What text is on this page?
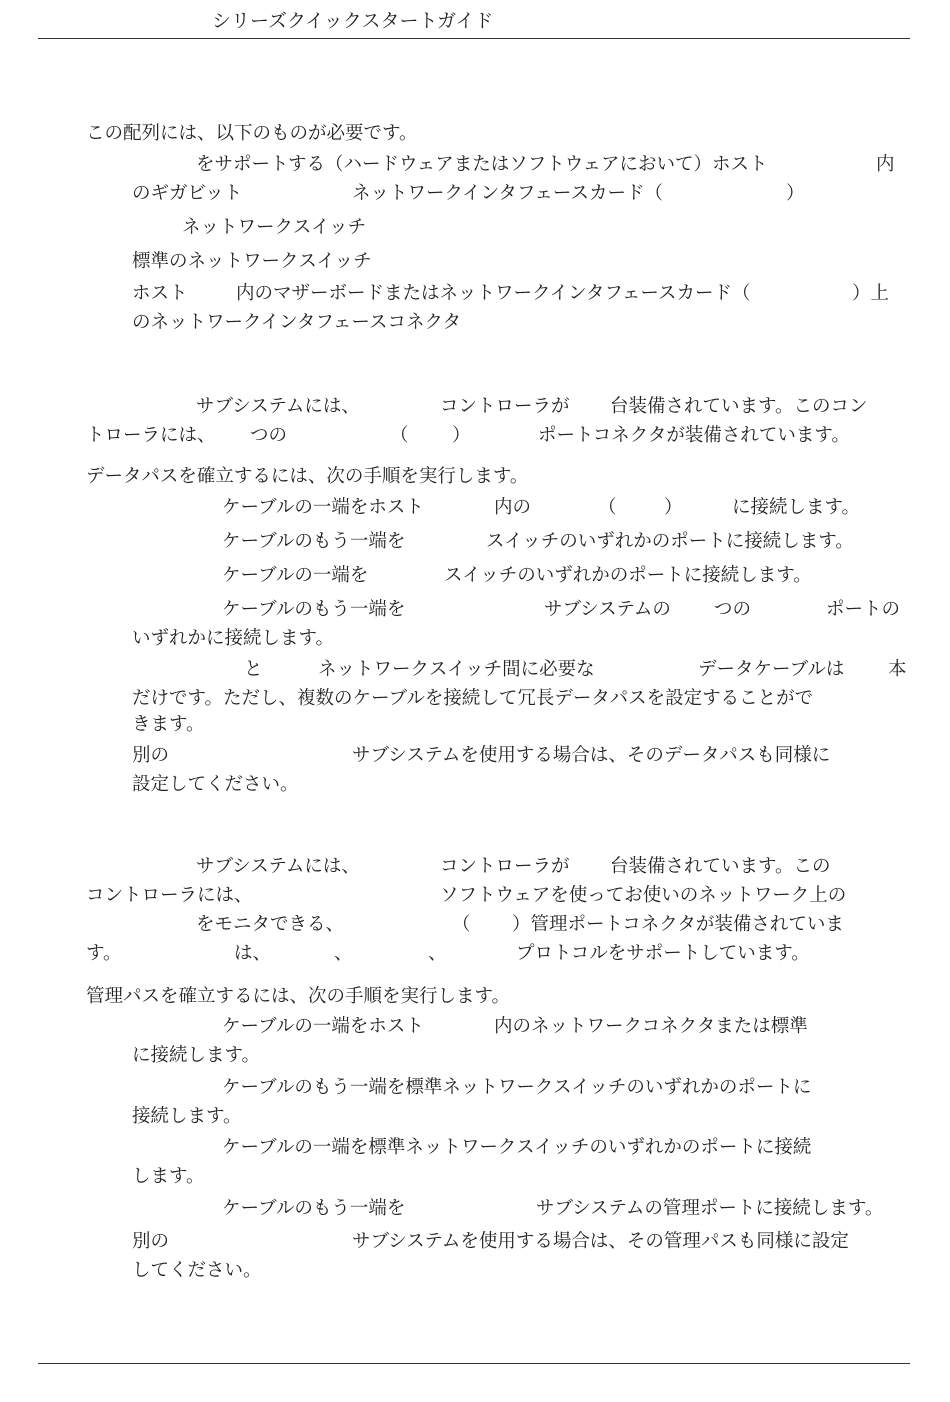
シリーズクイックスタートガイド
この配列には、以下のものが必要です。
をサポートする（ハードウェアまたはソフトウェアにおいて）ホスト	内
のギガビット	ネットワークインタフェースカード（	）
ネットワークスイッチ
標準のネットワークスイッチ
ホスト	内のマザーボードまたはネットワークインタフェースカード（	）上
のネットワークインタフェースコネクタ
サブシステムには、	コントローラが 台装備されています。このコン
トローラには、 つの	（ ）	ポートコネクタが装備されています。
データパスを確立するには、次の手順を実行します。
ケーブルの一端をホスト	内の	（	）	に接続します。
ケーブルのもう一端を	スイッチのいずれかのポートに接続します。
ケーブルの一端を	スイッチのいずれかのポートに接続します。
ケーブルのもう一端を	サブシステムの つの	ポートの
いずれかに接続します。
と	ネットワークスイッチ間に必要な	データケーブルは 本
だけです。ただし、複数のケーブルを接続して冗長データパスを設定することがで
きます。
別の	サブシステムを使用する場合は、そのデータパスも同様に
設定してください。
サブシステムには、	コントローラが 台装備されています。この
コントローラには、	ソフトウェアを使ってお使いのネットワーク上の
をモニタできる、	（ ）管理ポートコネクタが装備されていま
す。	は、	、	、	プロトコルをサポートしています。
管理パスを確立するには、次の手順を実行します。
ケーブルの一端をホスト	内のネットワークコネクタまたは標準
に接続します。
ケーブルのもう一端を標準ネットワークスイッチのいずれかのポートに
接続します。
ケーブルの一端を標準ネットワークスイッチのいずれかのポートに接続
します。
ケーブルのもう一端を	サブシステムの管理ポートに接続します。
別の	サブシステムを使用する場合は、その管理パスも同様に設定
してください。
